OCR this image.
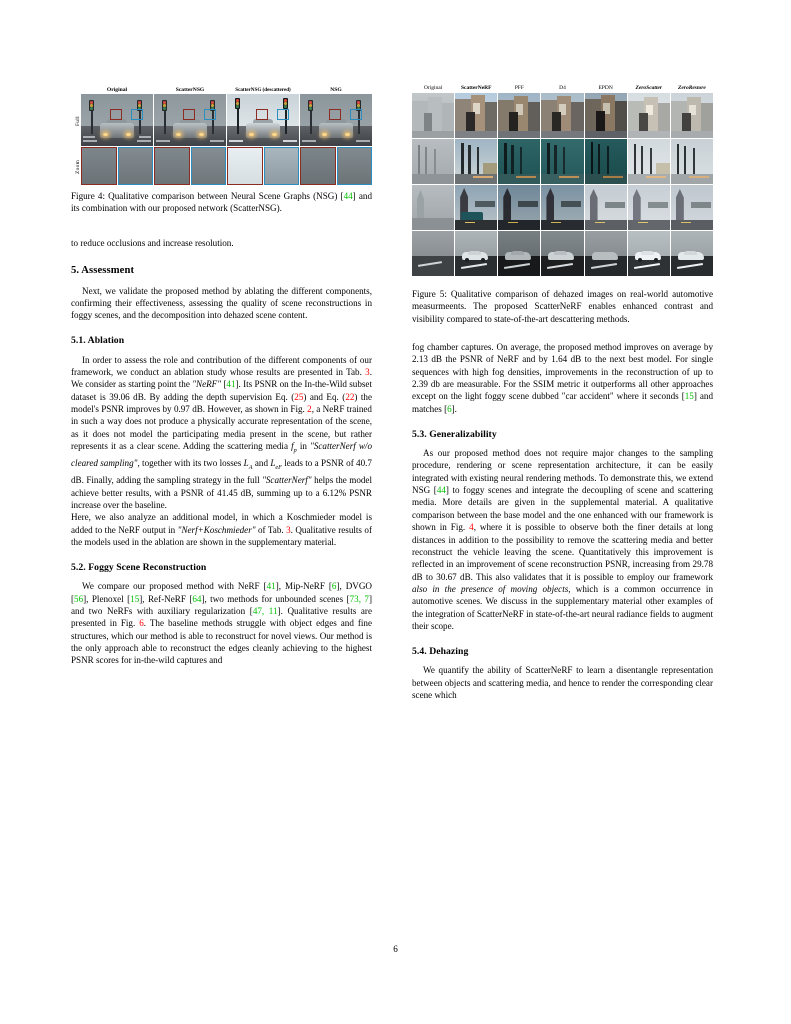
Original	ScatterNSG	ScatterNSG (descattered)	NSG
Full
Zoom

Figure 4: Qualitative comparison between Neural Scene Graphs (NSG) [44] and its combination with our proposed network (ScatterNSG).

to reduce occlusions and increase resolution.

5. Assessment

Next, we validate the proposed method by ablating the different components, confirming their effectiveness, assessing the quality of scene reconstructions in foggy scenes, and the decomposition into dehazed scene content.

5.1. Ablation

In order to assess the role and contribution of the different components of our framework, we conduct an ablation study whose results are presented in Tab. 3. We consider as starting point the "NeRF" [41]. Its PSNR on the In-the-Wild subset dataset is 39.06 dB. By adding the depth supervision Eq. (25) and Eq. (22) the model's PSNR improves by 0.97 dB. However, as shown in Fig. 2, a NeRF trained in such a way does not produce a physically accurate representation of the scene, as it does not model the participating media present in the scene, but rather represents it as a clear scene. Adding the scattering media $f_p$ in "ScatterNerf w/o cleared sampling", together with its two losses $L_A$ and $L_{eF}$ leads to a PSNR of 40.7 dB. Finally, adding the sampling strategy in the full "ScatterNerf" helps the model achieve better results, with a PSNR of 41.45 dB, summing up to a 6.12% PSNR increase over the baseline.

Here, we also analyze an additional model, in which a Koschmieder model is added to the NeRF output in "Nerf+Koschmieder" of Tab. 3. Qualitative results of the models used in the ablation are shown in the supplementary material.

5.2. Foggy Scene Reconstruction

We compare our proposed method with NeRF [41], Mip-NeRF [6], DVGO [56], Plenoxel [15], Ref-NeRF [64], two methods for unbounded scenes [73, 7] and two NeRFs with auxiliary regularization [47, 11]. Qualitative results are presented in Fig. 6. The baseline methods struggle with object edges and fine structures, which our method is able to reconstruct for novel views. Our method is the only approach able to reconstruct the edges cleanly achieving to the highest PSNR scores for in-the-wild captures and

Original	ScatterNeRF	PFF	D4	EPDN	ZeroScatter	ZeroRestore

Figure 5: Qualitative comparison of dehazed images on real-world automotive measurmeents. The proposed ScatterNeRF enables enhanced contrast and visibility compared to state-of-the-art descattering methods.

fog chamber captures. On average, the proposed method improves on average by 2.13 dB the PSNR of NeRF and by 1.64 dB to the next best model. For single sequences with high fog densities, improvements in the reconstruction of up to 2.39 db are measurable. For the SSIM metric it outperforms all other approaches except on the light foggy scene dubbed "car accident" where it seconds [15] and matches [6].

5.3. Generalizability

As our proposed method does not require major changes to the sampling procedure, rendering or scene representation architecture, it can be easily integrated with existing neural rendering methods. To demonstrate this, we extend NSG [44] to foggy scenes and integrate the decoupling of scene and scattering media. More details are given in the supplemental material. A qualitative comparison between the base model and the one enhanced with our framework is shown in Fig. 4, where it is possible to observe both the finer details at long distances in addition to the possibility to remove the scattering media and better reconstruct the vehicle leaving the scene. Quantitatively this improvement is reflected in an improvement of scene reconstruction PSNR, increasing from 29.78 dB to 30.67 dB. This also validates that it is possible to employ our framework also in the presence of moving objects, which is a common occurrence in automotive scenes. We discuss in the supplementary material other examples of the integration of ScatterNeRF in state-of-the-art neural radiance fields to augment their scope.

5.4. Dehazing

We quantify the ability of ScatterNeRF to learn a disentangle representation between objects and scattering media, and hence to render the corresponding clear scene which

6
